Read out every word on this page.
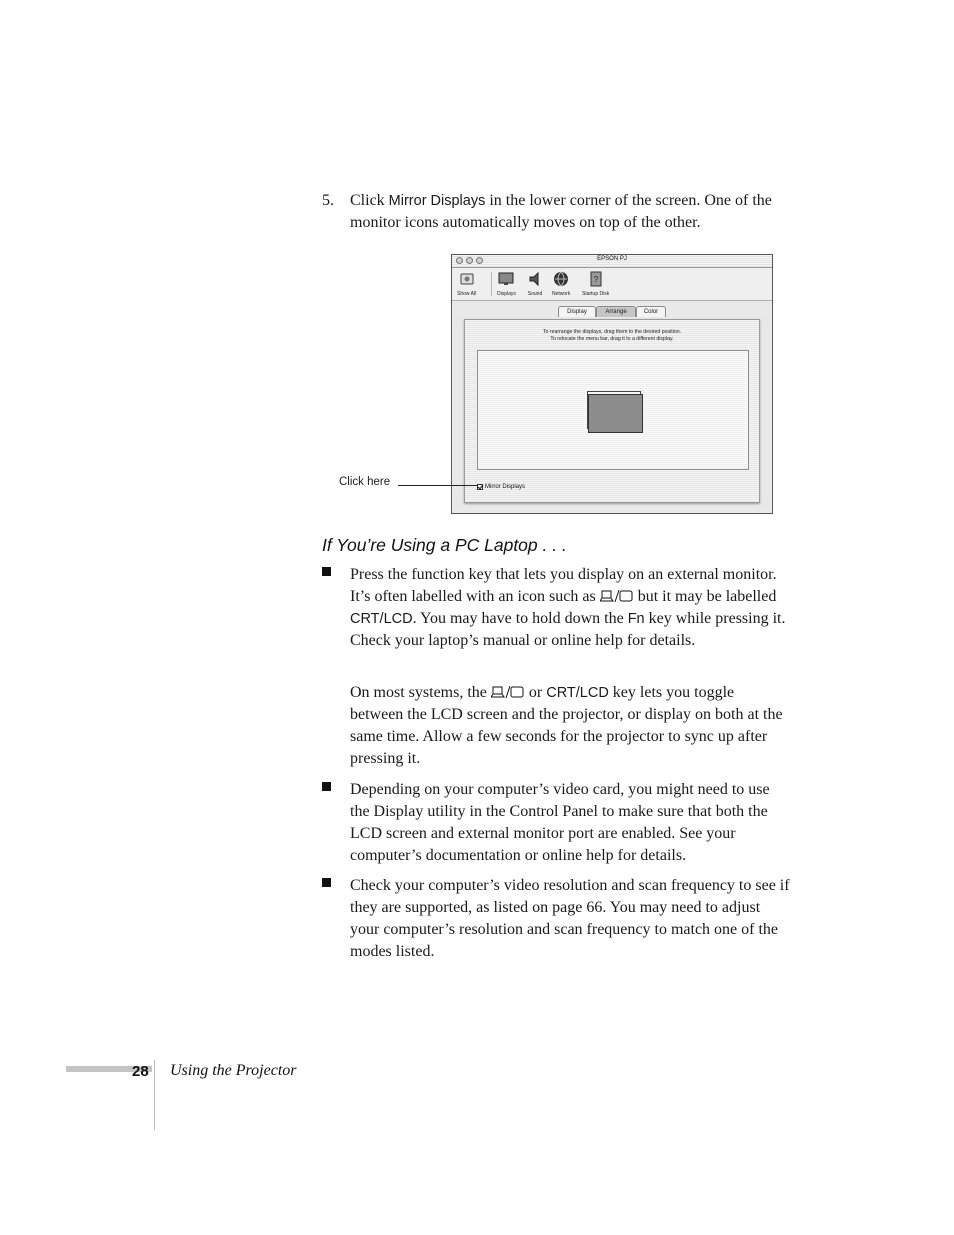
5. Click Mirror Displays in the lower corner of the screen. One of the monitor icons automatically moves on top of the other.
EPSON PJ
Show All	Displays Sound Network
?
Startup Disk
Display	Arrange	Color
To rearrange the displays, drag them to the desired position.
To relocate the menu bar, drag it to a different display.
Mirror Displays
Click here
If You’re Using a PC Laptop . . .
Press the function key that lets you display on an external monitor. It’s often labelled with an icon such as	but it may be labelled CRT/LCD. You may have to hold down the Fn key while pressing it. Check your laptop’s manual or online help for details.
On most systems, the	or CRT/LCD key lets you toggle between the LCD screen and the projector, or display on both at the same time. Allow a few seconds for the projector to sync up after pressing it.
Depending on your computer’s video card, you might need to use the Display utility in the Control Panel to make sure that both the LCD screen and external monitor port are enabled. See your computer’s documentation or online help for details.
Check your computer’s video resolution and scan frequency to see if they are supported, as listed on page 66. You may need to adjust your computer’s resolution and scan frequency to match one of the modes listed.
28 Using the Projector
